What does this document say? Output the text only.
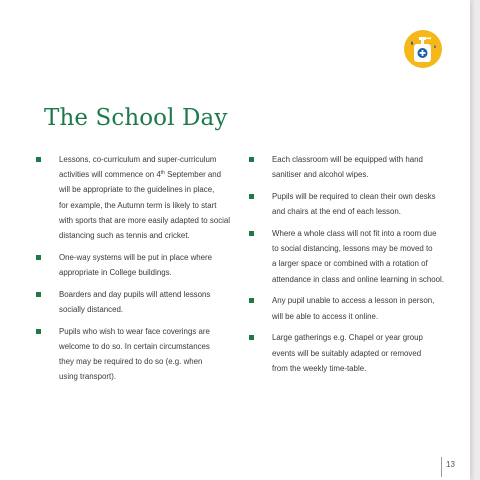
The School Day
Lessons, co-curriculum and super-curriculum
activities will commence on 4th September and
will be appropriate to the guidelines in place,
for example, the Autumn term is likely to start
with sports that are more easily adapted to social
distancing such as tennis and cricket.
One-way systems will be put in place where
appropriate in College buildings.
Boarders and day pupils will attend lessons
socially distanced.
Pupils who wish to wear face coverings are
welcome to do so. In certain circumstances
they may be required to do so (e.g. when
using transport).
Each classroom will be equipped with hand
sanitiser and alcohol wipes.
Pupils will be required to clean their own desks
and chairs at the end of each lesson.
Where a whole class will not fit into a room due
to social distancing, lessons may be moved to
a larger space or combined with a rotation of
attendance in class and online learning in school.
Any pupil unable to access a lesson in person,
will be able to access it online.
Large gatherings e.g. Chapel or year group
events will be suitably adapted or removed
from the weekly time-table.
13
